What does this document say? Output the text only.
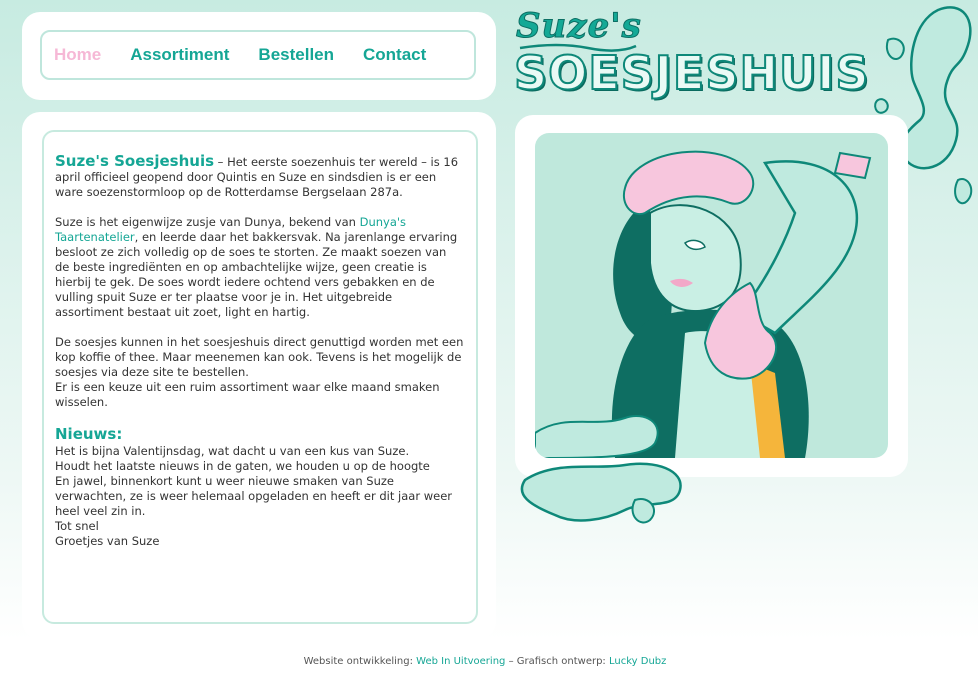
Home Assortiment Bestellen Contact
Suze's
SOESJESHUIS

Suze's Soesjeshuis – Het eerste soezenhuis ter wereld – is 16 april officieel geopend door Quintis en Suze en sindsdien is er een ware soezenstormloop op de Rotterdamse Bergselaan 287a.

Suze is het eigenwijze zusje van Dunya, bekend van Dunya's Taartenatelier, en leerde daar het bakkersvak. Na jarenlange ervaring besloot ze zich volledig op de soes te storten. Ze maakt soezen van de beste ingrediënten en op ambachtelijke wijze, geen creatie is hierbij te gek. De soes wordt iedere ochtend vers gebakken en de vulling spuit Suze er ter plaatse voor je in. Het uitgebreide assortiment bestaat uit zoet, light en hartig.

De soesjes kunnen in het soesjeshuis direct genuttigd worden met een kop koffie of thee. Maar meenemen kan ook. Tevens is het mogelijk de soesjes via deze site te bestellen.
Er is een keuze uit een ruim assortiment waar elke maand smaken wisselen.

Nieuws:
Het is bijna Valentijnsdag, wat dacht u van een kus van Suze.
Houdt het laatste nieuws in de gaten, we houden u op de hoogte
En jawel, binnenkort kunt u weer nieuwe smaken van Suze verwachten, ze is weer helemaal opgeladen en heeft er dit jaar weer heel veel zin in.
Tot snel
Groetjes van Suze
Website ontwikkeling: Web In Uitvoering – Grafisch ontwerp: Lucky Dubz
